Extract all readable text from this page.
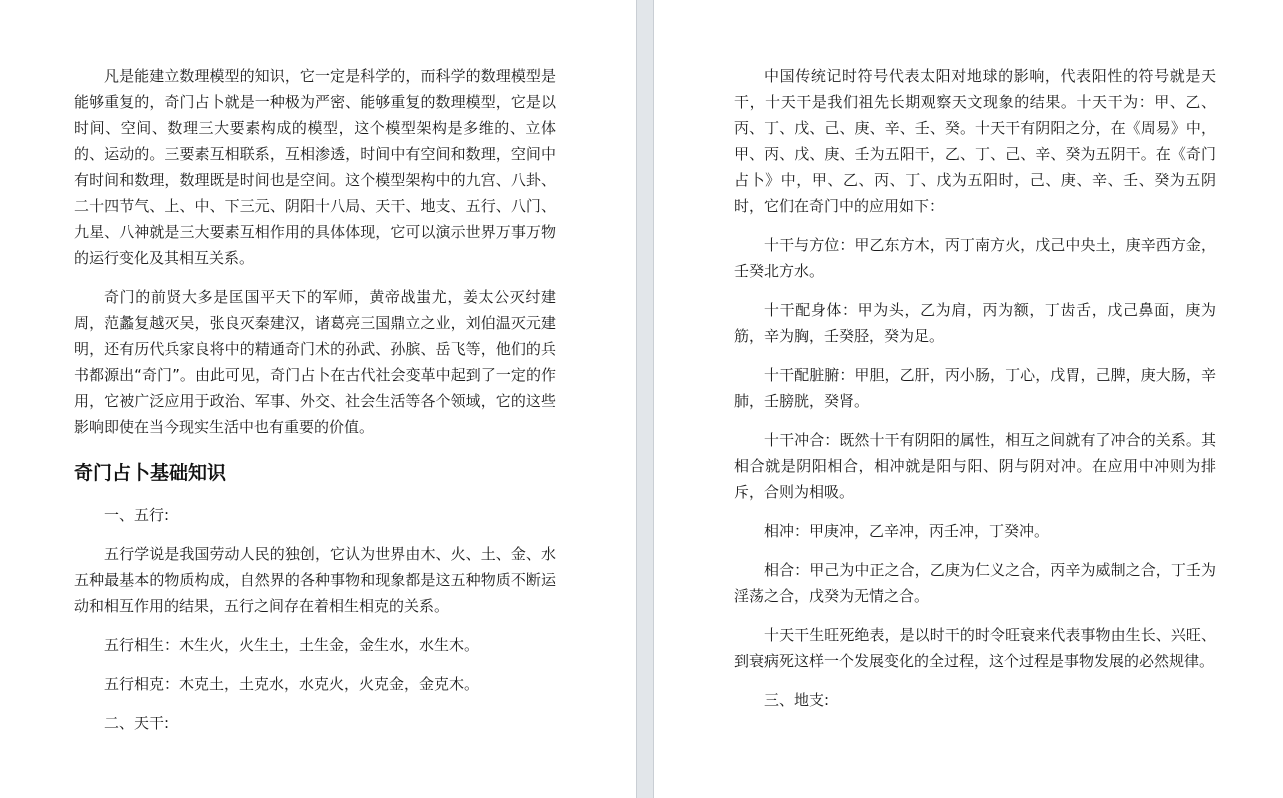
凡是能建立数理模型的知识，它一定是科学的，而科学的数理模型是能够重复的，奇门占卜就是一种极为严密、能够重复的数理模型，它是以时间、空间、数理三大要素构成的模型，这个模型架构是多维的、立体的、运动的。三要素互相联系，互相渗透，时间中有空间和数理，空间中有时间和数理，数理既是时间也是空间。这个模型架构中的九宫、八卦、二十四节气、上、中、下三元、阴阳十八局、天干、地支、五行、八门、九星、八神就是三大要素互相作用的具体体现，它可以演示世界万事万物的运行变化及其相互关系。

奇门的前贤大多是匡国平天下的军师，黄帝战蚩尤，姜太公灭纣建周，范蠡复越灭吴，张良灭秦建汉，诸葛亮三国鼎立之业，刘伯温灭元建明，还有历代兵家良将中的精通奇门术的孙武、孙膑、岳飞等，他们的兵书都源出“奇门”。由此可见，奇门占卜在古代社会变革中起到了一定的作用，它被广泛应用于政治、军事、外交、社会生活等各个领域，它的这些影响即使在当今现实生活中也有重要的价值。

奇门占卜基础知识

一、五行:

五行学说是我国劳动人民的独创，它认为世界由木、火、土、金、水五种最基本的物质构成，自然界的各种事物和现象都是这五种物质不断运动和相互作用的结果，五行之间存在着相生相克的关系。

五行相生：木生火，火生土，土生金，金生水，水生木。

五行相克：木克土，土克水，水克火，火克金，金克木。

二、天干:

中国传统记时符号代表太阳对地球的影响，代表阳性的符号就是天干，十天干是我们祖先长期观察天文现象的结果。十天干为：甲、乙、丙、丁、戊、己、庚、辛、壬、癸。十天干有阴阳之分，在《周易》中，甲、丙、戊、庚、壬为五阳干，乙、丁、己、辛、癸为五阴干。在《奇门占卜》中，甲、乙、丙、丁、戊为五阳时，己、庚、辛、壬、癸为五阴时，它们在奇门中的应用如下：

十干与方位：甲乙东方木，丙丁南方火，戊己中央土，庚辛西方金，壬癸北方水。

十干配身体：甲为头，乙为肩，丙为额，丁齿舌，戊己鼻面，庚为筋，辛为胸，壬癸胫，癸为足。

十干配脏腑：甲胆，乙肝，丙小肠，丁心，戊胃，己脾，庚大肠，辛肺，壬膀胱，癸肾。

十干冲合：既然十干有阴阳的属性，相互之间就有了冲合的关系。其相合就是阴阳相合，相冲就是阳与阳、阴与阴对冲。在应用中冲则为排斥，合则为相吸。

相冲：甲庚冲，乙辛冲，丙壬冲，丁癸冲。

相合：甲己为中正之合，乙庚为仁义之合，丙辛为威制之合，丁壬为淫荡之合，戊癸为无情之合。

十天干生旺死绝表，是以时干的时令旺衰来代表事物由生长、兴旺、到衰病死这样一个发展变化的全过程，这个过程是事物发展的必然规律。

三、地支:
